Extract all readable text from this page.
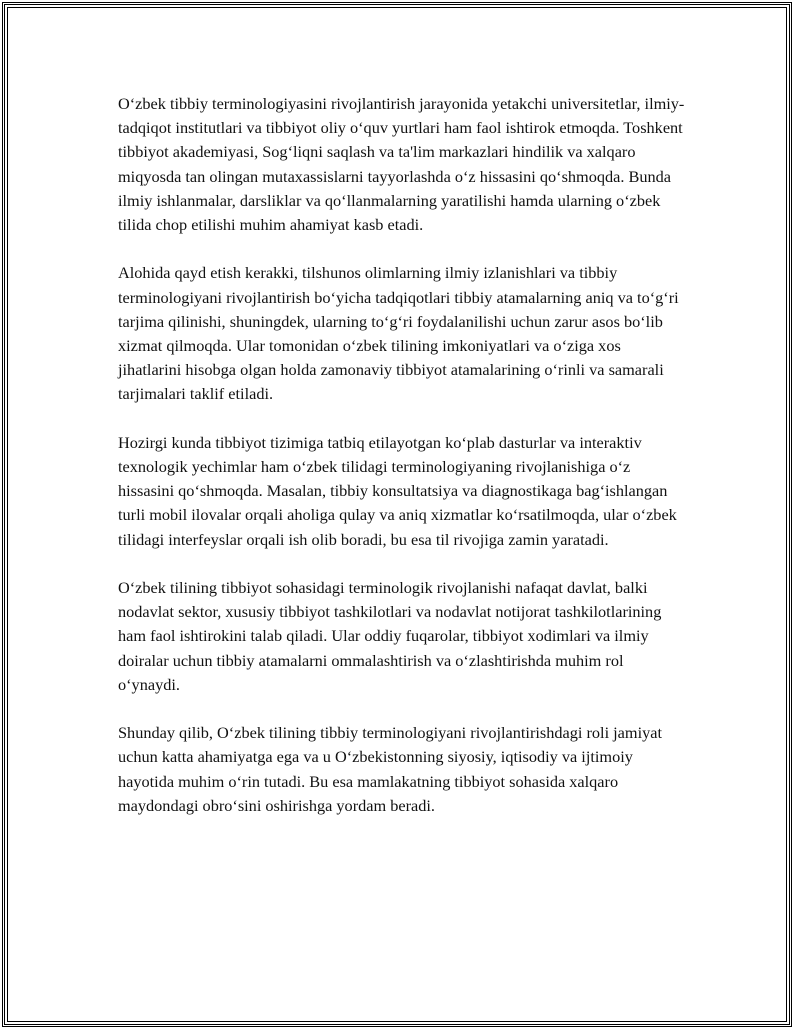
O‘zbek tibbiy terminologiyasini rivojlantirish jarayonida yetakchi universitetlar, ilmiy-tadqiqot institutlari va tibbiyot oliy o‘quv yurtlari ham faol ishtirok etmoqda. Toshkent tibbiyot akademiyasi, Sog‘liqni saqlash va ta'lim markazlari hindilik va xalqaro miqyosda tan olingan mutaxassislarni tayyorlashda o‘z hissasini qo‘shmoqda. Bunda ilmiy ishlanmalar, darsliklar va qo‘llanmalarning yaratilishi hamda ularning o‘zbek tilida chop etilishi muhim ahamiyat kasb etadi.

Alohida qayd etish kerakki, tilshunos olimlarning ilmiy izlanishlari va tibbiy terminologiyani rivojlantirish bo‘yicha tadqiqotlari tibbiy atamalarning aniq va to‘g‘ri tarjima qilinishi, shuningdek, ularning to‘g‘ri foydalanilishi uchun zarur asos bo‘lib xizmat qilmoqda. Ular tomonidan o‘zbek tilining imkoniyatlari va o‘ziga xos jihatlarini hisobga olgan holda zamonaviy tibbiyot atamalarining o‘rinli va samarali tarjimalari taklif etiladi.

Hozirgi kunda tibbiyot tizimiga tatbiq etilayotgan ko‘plab dasturlar va interaktiv texnologik yechimlar ham o‘zbek tilidagi terminologiyaning rivojlanishiga o‘z hissasini qo‘shmoqda. Masalan, tibbiy konsultatsiya va diagnostikaga bag‘ishlangan turli mobil ilovalar orqali aholiga qulay va aniq xizmatlar ko‘rsatilmoqda, ular o‘zbek tilidagi interfeyslar orqali ish olib boradi, bu esa til rivojiga zamin yaratadi.

O‘zbek tilining tibbiyot sohasidagi terminologik rivojlanishi nafaqat davlat, balki nodavlat sektor, xususiy tibbiyot tashkilotlari va nodavlat notijorat tashkilotlarining ham faol ishtirokini talab qiladi. Ular oddiy fuqarolar, tibbiyot xodimlari va ilmiy doiralar uchun tibbiy atamalarni ommalashtirish va o‘zlashtirishda muhim rol o‘ynaydi.

Shunday qilib, O‘zbek tilining tibbiy terminologiyani rivojlantirishdagi roli jamiyat uchun katta ahamiyatga ega va u O‘zbekistonning siyosiy, iqtisodiy va ijtimoiy hayotida muhim o‘rin tutadi. Bu esa mamlakatning tibbiyot sohasida xalqaro maydondagi obro‘sini oshirishga yordam beradi.
